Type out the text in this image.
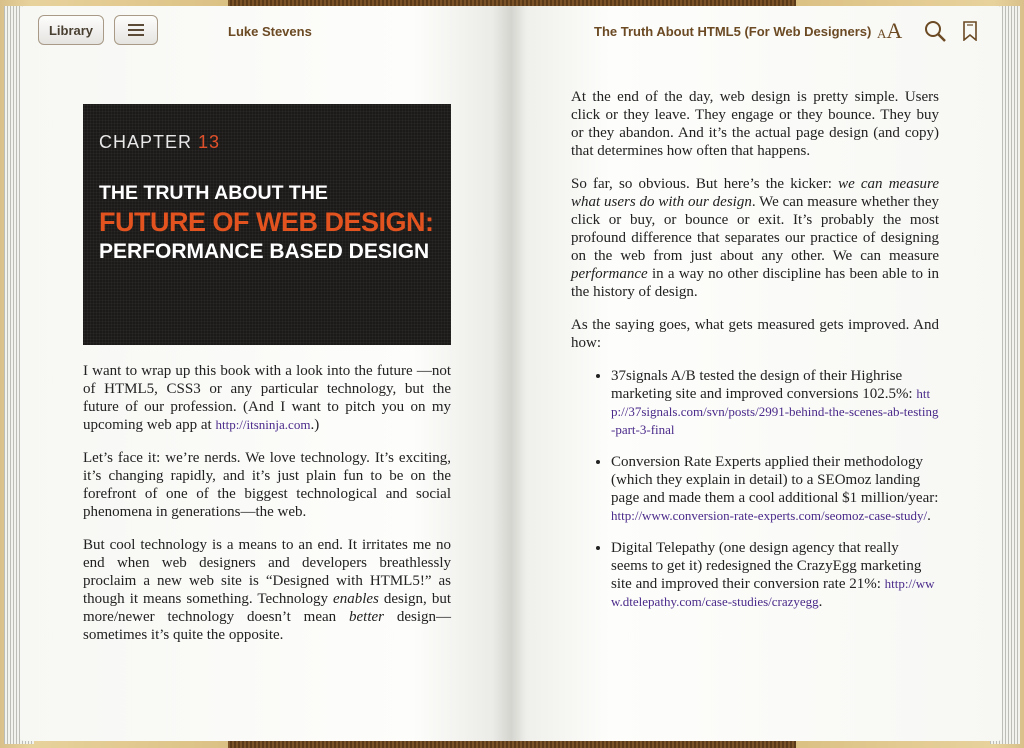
Library	Luke Stevens	The Truth About HTML5 (For Web Designers) AA
CHAPTER 13
THE TRUTH ABOUT THE
FUTURE OF WEB DESIGN:
PERFORMANCE BASED DESIGN

I want to wrap up this book with a look into the future —not of HTML5, CSS3 or any particular technology, but the future of our profession. (And I want to pitch you on my upcoming web app at http://itsninja.com.)

Let’s face it: we’re nerds. We love technology. It’s exciting, it’s changing rapidly, and it’s just plain fun to be on the forefront of one of the biggest technological and social phenomena in generations—the web.

But cool technology is a means to an end. It irritates me no end when web designers and developers breathlessly proclaim a new web site is “Designed with HTML5!” as though it means something. Technology enables design, but more/newer technology doesn’t mean better design—sometimes it’s quite the opposite.

At the end of the day, web design is pretty simple. Users click or they leave. They engage or they bounce. They buy or they abandon. And it’s the actual page design (and copy) that determines how often that happens.

So far, so obvious. But here’s the kicker: we can measure what users do with our design. We can measure whether they click or buy, or bounce or exit. It’s probably the most profound difference that separates our practice of designing on the web from just about any other. We can measure performance in a way no other discipline has been able to in the history of design.

As the saying goes, what gets measured gets improved. And how:

• 37signals A/B tested the design of their Highrise marketing site and improved conversions 102.5%: http://37signals.com/svn/posts/2991-behind-the-scenes-ab-testing-part-3-final
• Conversion Rate Experts applied their methodology (which they explain in detail) to a SEOmoz landing page and made them a cool additional $1 million/year: http://www.conversion-rate-experts.com/seomoz-case-study/.
• Digital Telepathy (one design agency that really seems to get it) redesigned the CrazyEgg marketing site and improved their conversion rate 21%: http://www.dtelepathy.com/case-studies/crazyegg.
